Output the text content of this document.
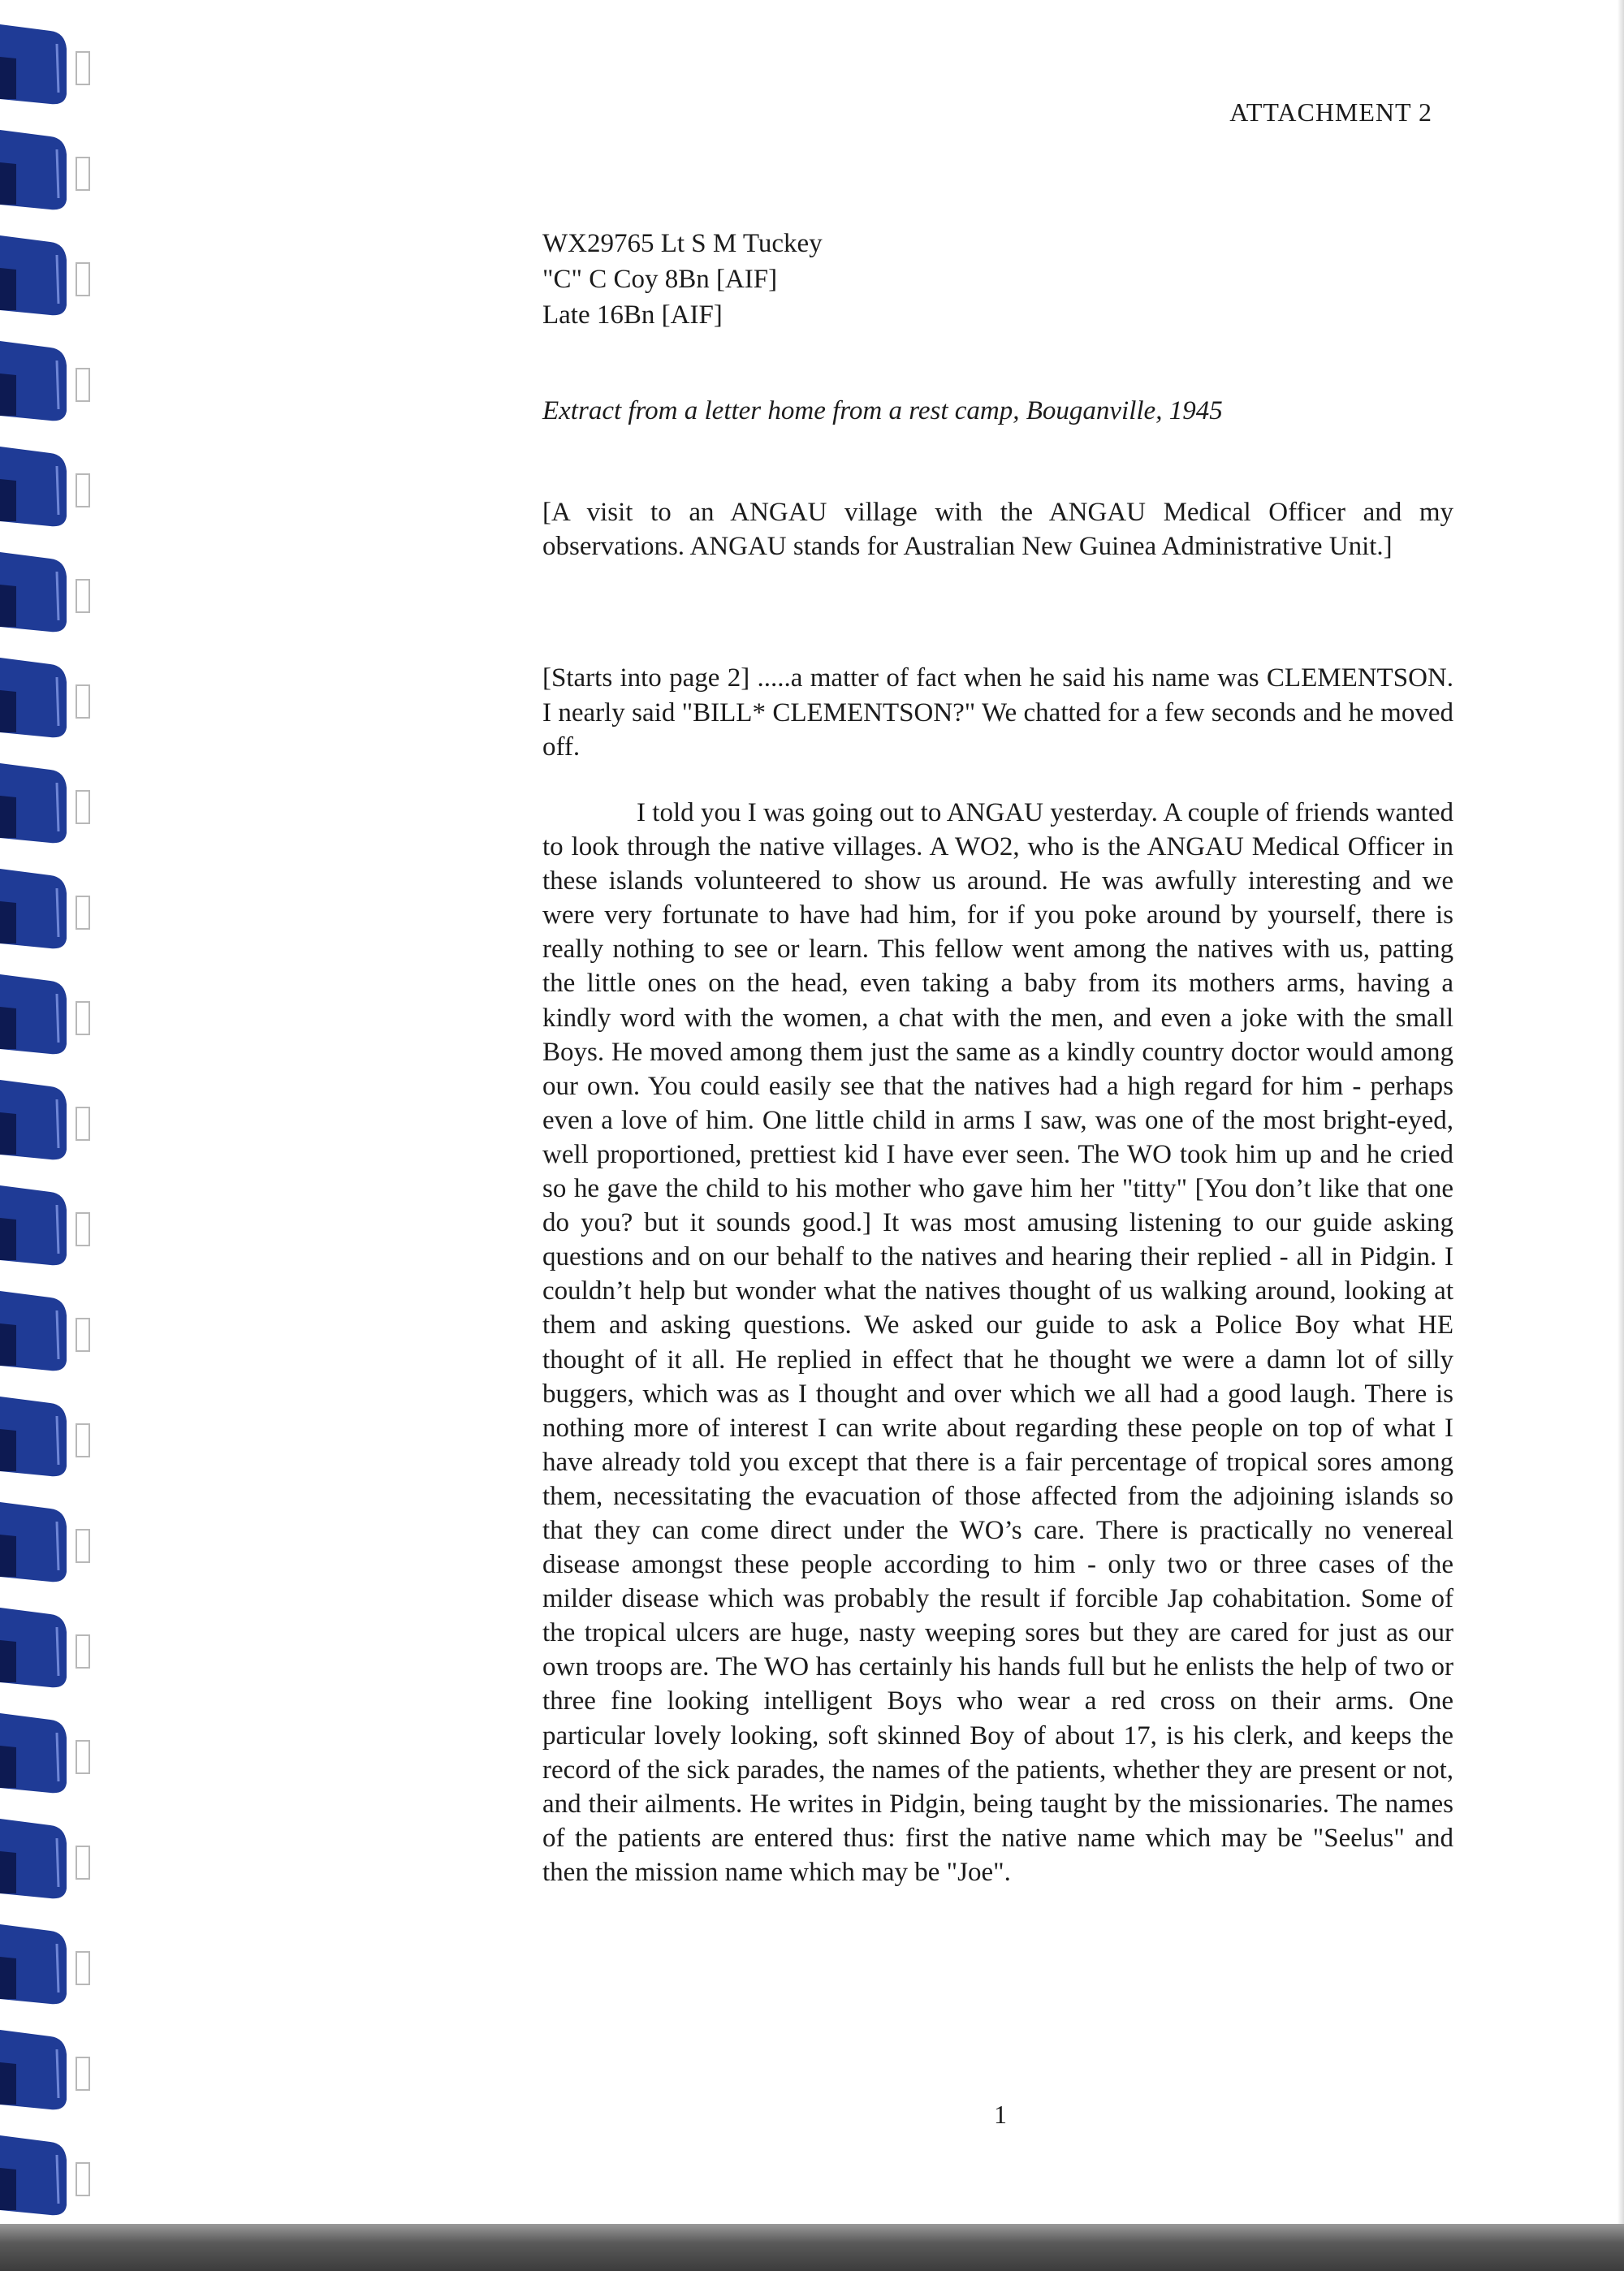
ATTACHMENT 2
WX29765 Lt S M Tuckey
"C" C Coy 8Bn [AIF]
Late 16Bn [AIF]
Extract from a letter home from a rest camp, Bouganville, 1945
[A visit to an ANGAU village with the ANGAU Medical Officer and my observations. ANGAU stands for Australian New Guinea Administrative Unit.]
[Starts into page 2] .....a matter of fact when he said his name was CLEMENTSON. I nearly said "BILL* CLEMENTSON?" We chatted for a few seconds and he moved off.
I told you I was going out to ANGAU yesterday. A couple of friends wanted to look through the native villages. A WO2, who is the ANGAU Medical Officer in these islands volunteered to show us around. He was awfully interesting and we were very fortunate to have had him, for if you poke around by yourself, there is really nothing to see or learn. This fellow went among the natives with us, patting the little ones on the head, even taking a baby from its mothers arms, having a kindly word with the women, a chat with the men, and even a joke with the small Boys. He moved among them just the same as a kindly country doctor would among our own. You could easily see that the natives had a high regard for him - perhaps even a love of him. One little child in arms I saw, was one of the most bright-eyed, well proportioned, prettiest kid I have ever seen. The WO took him up and he cried so he gave the child to his mother who gave him her "titty" [You don’t like that one do you? but it sounds good.] It was most amusing listening to our guide asking questions and on our behalf to the natives and hearing their replied - all in Pidgin. I couldn’t help but wonder what the natives thought of us walking around, looking at them and asking questions. We asked our guide to ask a Police Boy what HE thought of it all. He replied in effect that he thought we were a damn lot of silly buggers, which was as I thought and over which we all had a good laugh. There is nothing more of interest I can write about regarding these people on top of what I have already told you except that there is a fair percentage of tropical sores among them, necessitating the evacuation of those affected from the adjoining islands so that they can come direct under the WO’s care. There is practically no venereal disease amongst these people according to him - only two or three cases of the milder disease which was probably the result if forcible Jap cohabitation. Some of the tropical ulcers are huge, nasty weeping sores but they are cared for just as our own troops are. The WO has certainly his hands full but he enlists the help of two or three fine looking intelligent Boys who wear a red cross on their arms. One particular lovely looking, soft skinned Boy of about 17, is his clerk, and keeps the record of the sick parades, the names of the patients, whether they are present or not, and their ailments. He writes in Pidgin, being taught by the missionaries. The names of the patients are entered thus: first the native name which may be "Seelus" and then the mission name which may be "Joe".
1
